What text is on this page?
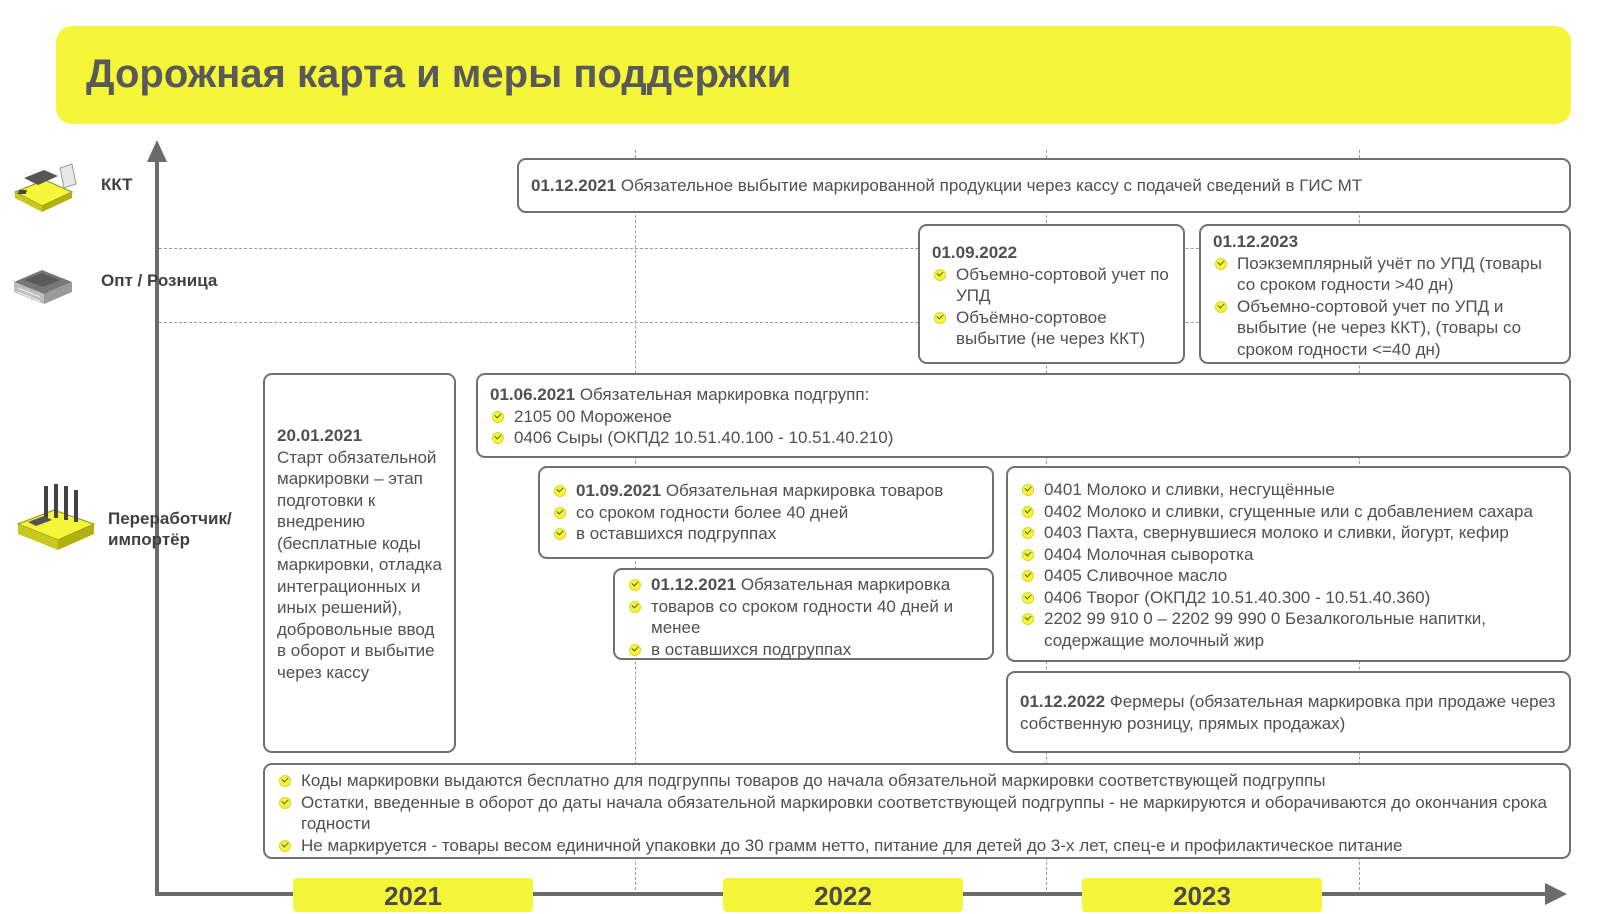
Дорожная карта и меры поддержки
2021	2022	2023
ККТ
Опт / Розница
Переработчик/
импортёр
01.12.2021 Обязательное выбытие маркированной продукции через кассу с подачей сведений в ГИС МТ
01.09.2022
Объемно-сортовой учет по УПД
Объёмно-сортовое выбытие (не через ККТ)
01.12.2023
Поэкземплярный учёт по УПД (товары со сроком годности >40 дн)
Объемно-сортовой учет по УПД и выбытие (не через ККТ), (товары со сроком годности <=40 дн)
20.01.2021
Старт обязательной маркировки – этап подготовки к внедрению (бесплатные коды маркировки, отладка интеграционных и иных решений), добровольные ввод в оборот и выбытие через кассу
01.06.2021 Обязательная маркировка подгрупп:
2105 00 Мороженое
0406 Сыры (ОКПД2 10.51.40.100 - 10.51.40.210)
01.09.2021 Обязательная маркировка товаров
со сроком годности более 40 дней
в оставшихся подгруппах
01.12.2021 Обязательная маркировка
товаров со сроком годности 40 дней и менее
в оставшихся подгруппах
0401 Молоко и сливки, несгущённые
0402 Молоко и сливки, сгущенные или с добавлением сахара
0403 Пахта, свернувшиеся молоко и сливки, йогурт, кефир
0404 Молочная сыворотка
0405 Сливочное масло
0406 Творог (ОКПД2 10.51.40.300 - 10.51.40.360)
2202 99 910 0 – 2202 99 990 0 Безалкогольные напитки, содержащие молочный жир
01.12.2022 Фермеры (обязательная маркировка при продаже через собственную розницу, прямых продажах)
Коды маркировки выдаются бесплатно для подгруппы товаров до начала обязательной маркировки соответствующей подгруппы
Остатки, введенные в оборот до даты начала обязательной маркировки соответствующей подгруппы - не маркируются и оборачиваются до окончания срока годности
Не маркируется - товары весом единичной упаковки до 30 грамм нетто, питание для детей до 3-х лет, спец-е и профилактическое питание
